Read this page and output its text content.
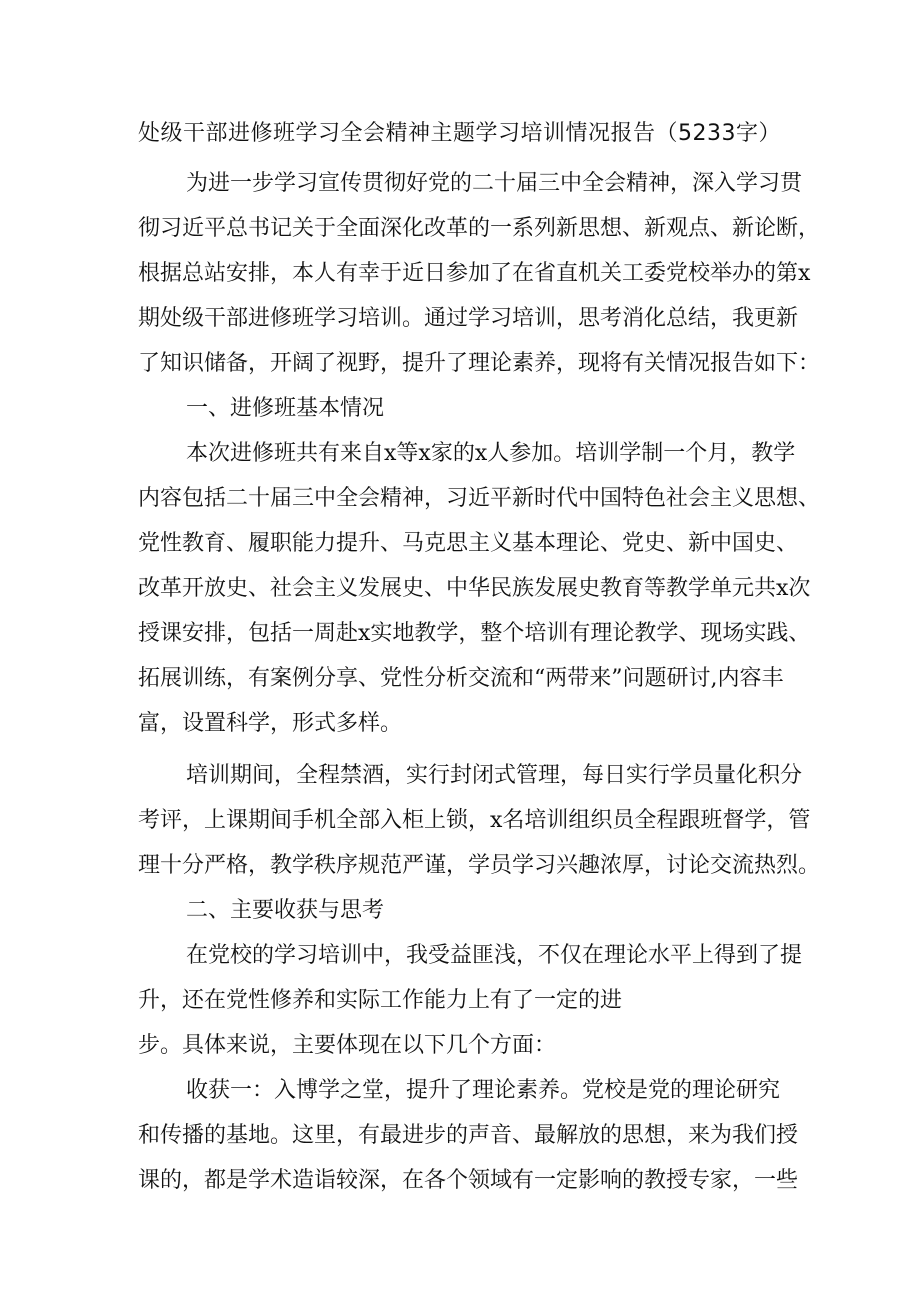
处级干部进修班学习全会精神主题学习培训情况报告（5233字）
为进一步学习宣传贯彻好党的二十届三中全会精神，深入学习贯
彻习近平总书记关于全面深化改革的一系列新思想、新观点、新论断，
根据总站安排，本人有幸于近日参加了在省直机关工委党校举办的第x
期处级干部进修班学习培训。通过学习培训，思考消化总结，我更新
了知识储备，开阔了视野，提升了理论素养，现将有关情况报告如下：
一、进修班基本情况
本次进修班共有来自x等x家的x人参加。培训学制一个月，教学
内容包括二十届三中全会精神，习近平新时代中国特色社会主义思想、
党性教育、履职能力提升、马克思主义基本理论、党史、新中国史、
改革开放史、社会主义发展史、中华民族发展史教育等教学单元共x次
授课安排，包括一周赴x实地教学，整个培训有理论教学、现场实践、
拓展训练，有案例分享、党性分析交流和“两带来”问题研讨,内容丰
富，设置科学，形式多样。
培训期间，全程禁酒，实行封闭式管理，每日实行学员量化积分
考评，上课期间手机全部入柜上锁，x名培训组织员全程跟班督学，管
理十分严格，教学秩序规范严谨，学员学习兴趣浓厚，讨论交流热烈。
二、主要收获与思考
在党校的学习培训中，我受益匪浅，不仅在理论水平上得到了提
升，还在党性修养和实际工作能力上有了一定的进
步。具体来说，主要体现在以下几个方面：
收获一：入博学之堂，提升了理论素养。党校是党的理论研究
和传播的基地。这里，有最进步的声音、最解放的思想，来为我们授
课的，都是学术造诣较深，在各个领域有一定影响的教授专家，一些
